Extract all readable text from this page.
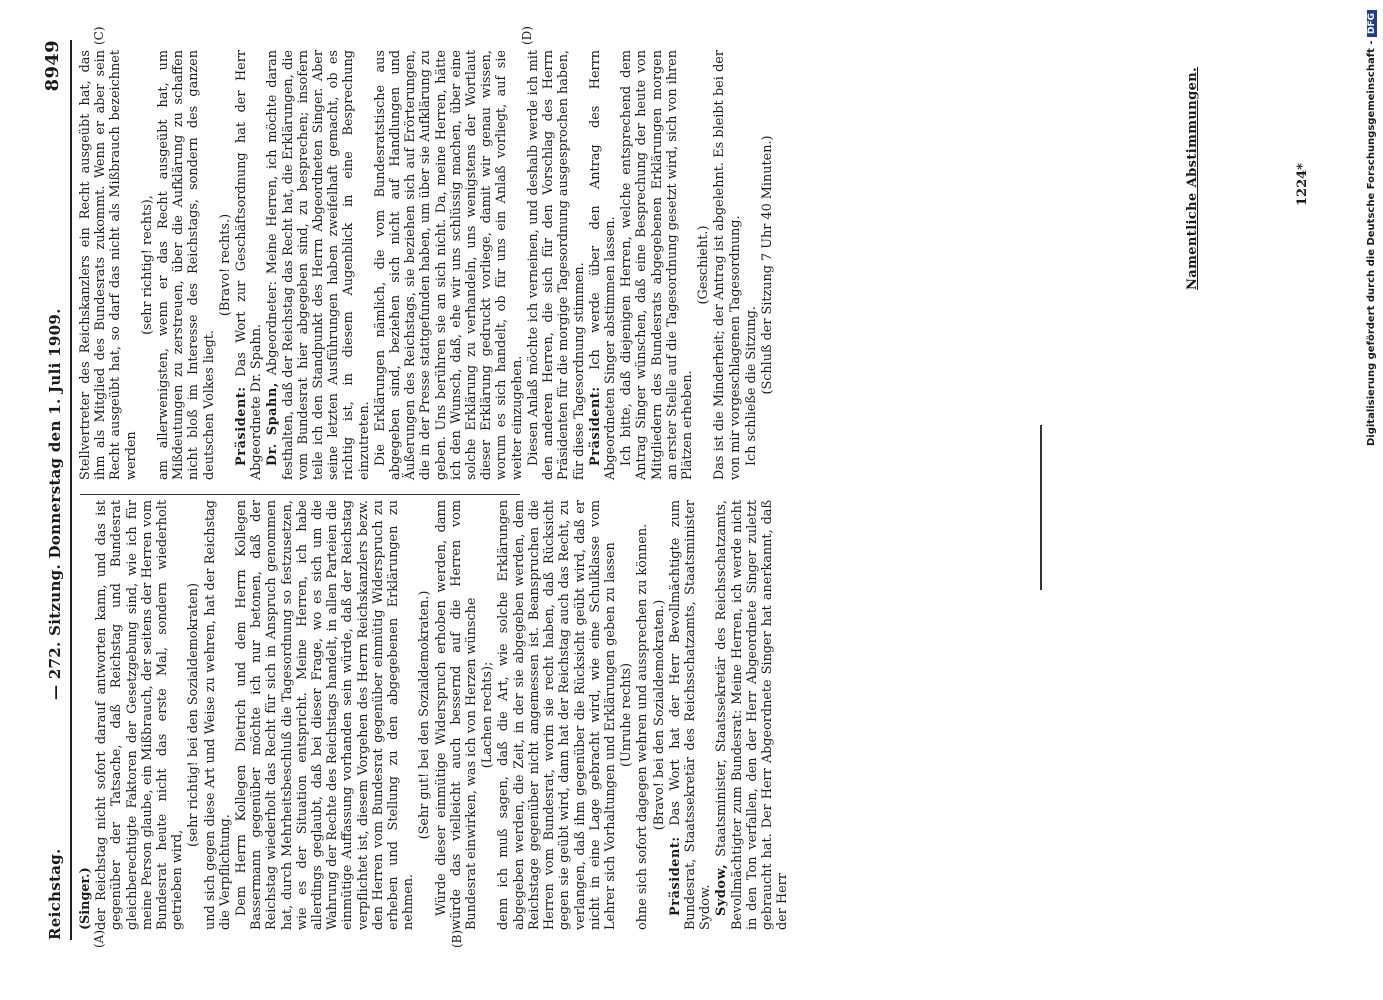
Reichstag.
— 272. Sitzung. Donnerstag den 1. Juli 1909.
8949

(Singer.) der Reichstag nicht sofort darauf antworten kann, und das ist gegenüber der Tatsache, daß Reichstag und Bundesrat gleichberechtigte Faktoren der Gesetzgebung sind, wie ich für meine Person glaube, ein Mißbrauch, der seitens der Herren vom Bundesrat heute nicht das erste Mal, sondern wiederholt getrieben wird,

(sehr richtig! bei den Sozialdemokraten) und sich gegen diese Art und Weise zu wehren, hat der Reichstag die Verpflichtung. Dem Herrn Kollegen Dietrich und dem Herrn Kollegen Bassermann gegenüber möchte ich nur betonen, daß der Reichstag wiederholt das Recht für sich in Anspruch genommen hat, durch Mehrheitsbeschluß die Tagesordnung so festzusetzen, wie es der Situation entspricht. Meine Herren, ich habe allerdings geglaubt, daß bei dieser Frage, wo es sich um die Wahrung der Rechte des Reichstags handelt, in allen Parteien die einmütige Auffassung vorhanden sein würde, daß der Reichstag verpflichtet ist, diesem Vorgehen des Herrn Reichskanzlers bezw. den Herren vom Bundesrat gegenüber einmütig Widerspruch zu erheben und Stellung zu den abgegebenen Erklärungen zu nehmen.

(Sehr gut! bei den Sozialdemokraten.) Würde dieser einmütige Widerspruch erhoben werden, dann würde das vielleicht auch bessernd auf die Herren vom Bundesrat einwirken, was ich von Herzen wünsche (Lachen rechts); denn ich muß sagen, daß die Art, wie solche Erklärungen abgegeben werden, die Zeit, in der sie abgegeben werden, dem Reichstage gegenüber nicht angemessen ist. Beanspruchen die Herren vom Bundesrat, worin sie recht haben, daß Rücksicht gegen sie geübt wird, dann hat der Reichstag auch das Recht, zu verlangen, daß ihm gegenüber die Rücksicht geübt wird, daß er nicht in eine Lage gebracht wird, wie eine Schulklasse vom Lehrer sich Vorhaltungen und Erklärungen geben zu lassen (Unruhe rechts) ohne sich sofort dagegen wehren und aussprechen zu können. (Bravo! bei den Sozialdemokraten.)

Präsident: Das Wort hat der Herr Bevollmächtigte zum Bundesrat, Staatssekretär des Reichsschatzamts, Staatsminister Sydow. Sydow, Staatsminister, Staatssekretär des Reichsschatzamts, Bevollmächtigter zum Bundesrat: Meine Herren, ich werde nicht in den Ton verfallen, den der Herr Abgeordnete Singer zuletzt gebraucht hat. Der Herr Abgeordnete Singer hat anerkannt, daß der Herr

(A)	(B)

Stellvertreter des Reichskanzlers ein Recht ausgeübt hat, das ihm als Mitglied des Bundesrats zukommt. Wenn er aber sein Recht ausgeübt hat, so darf das nicht als Mißbrauch bezeichnet werden

(sehr richtig! rechts), am allerwenigsten, wenn er das Recht ausgeübt hat, um Mißdeutungen zu zerstreuen, über die Aufklärung zu schaffen nicht bloß im Interesse des Reichstags, sondern des ganzen deutschen Volkes liegt.

(Bravo! rechts.)

Präsident: Das Wort zur Geschäftsordnung hat der Herr Abgeordnete Dr. Spahn. Dr. Spahn, Abgeordneter: Meine Herren, ich möchte daran festhalten, daß der Reichstag das Recht hat, die Erklärungen, die vom Bundesrat hier abgegeben sind, zu besprechen; insofern teile ich den Standpunkt des Herrn Abgeordneten Singer. Aber seine letzten Ausführungen haben zweifelhaft gemacht, ob es richtig ist, in diesem Augenblick in eine Besprechung einzutreten. Die Erklärungen nämlich, die vom Bundesratstische aus abgegeben sind, beziehen sich nicht auf Handlungen und Äußerungen des Reichstags, sie beziehen sich auf Erörterungen, die in der Presse stattgefunden haben, um über sie Aufklärung zu geben. Uns berühren sie an sich nicht. Da, meine Herren, hätte ich den Wunsch, daß, ehe wir uns schlüssig machen, über eine solche Erklärung zu verhandeln, uns wenigstens der Wortlaut dieser Erklärung gedruckt vorliege, damit wir genau wissen, worum es sich handelt, ob für uns ein Anlaß vorliegt, auf sie weiter einzugehen. Diesen Anlaß möchte ich verneinen, und deshalb werde ich mit den anderen Herren, die sich für den Vorschlag des Herrn Präsidenten für die morgige Tagesordnung ausgesprochen haben, für diese Tagesordnung stimmen. Präsident: Ich werde über den Antrag des Herrn Abgeordneten Singer abstimmen lassen. Ich bitte, daß diejenigen Herren, welche entsprechend dem Antrag Singer wünschen, daß eine Besprechung der heute von Mitgliedern des Bundesrats abgegebenen Erklärungen morgen an erster Stelle auf die Tagesordnung gesetzt wird, sich von ihren Plätzen erheben.

(Geschieht.) Das ist die Minderheit; der Antrag ist abgelehnt. Es bleibt bei der von mir vorgeschlagenen Tagesordnung. Ich schließe die Sitzung. (Schluß der Sitzung 7 Uhr 40 Minuten.)

(C)	(D)
Namentliche Abstimmungen.	1224*	Digitalisierung gefördert durch die Deutsche Forschungsgemeinschaft - DFG
